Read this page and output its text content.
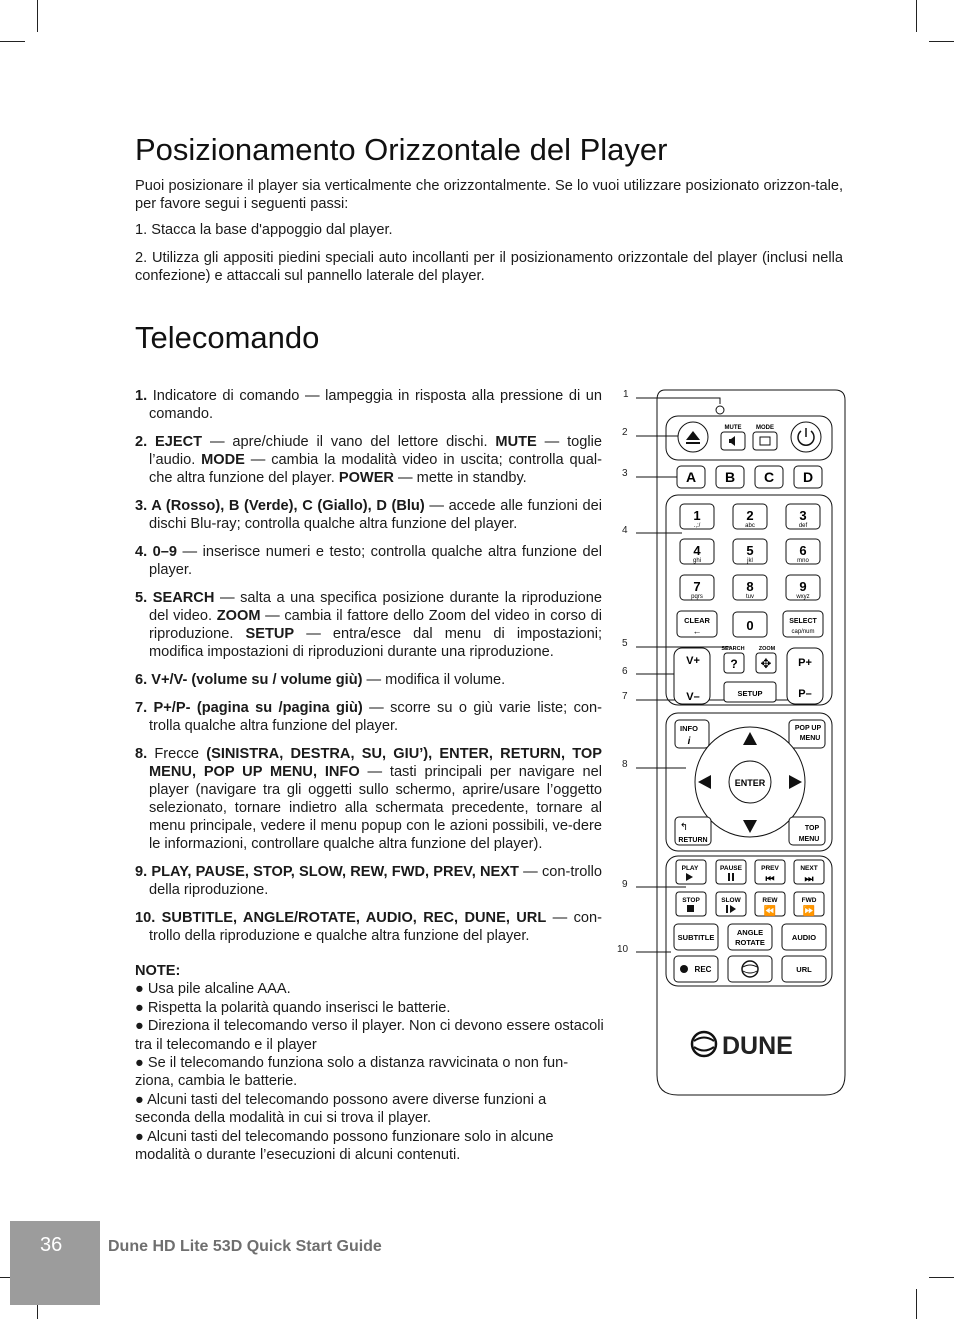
Posizionamento Orizzontale del Player

Puoi posizionare il player sia verticalmente che orizzontalmente. Se lo vuoi utilizzare posizionato orizzon-tale, per favore segui i seguenti passi:

1. Stacca la base d'appoggio dal player.

2. Utilizza gli appositi piedini speciali auto incollanti per il posizionamento orizzontale del player (inclusi nella confezione) e attaccali sul pannello laterale del player.

Telecomando

1. Indicatore di comando — lampeggia in risposta alla pressione di un comando.

2. EJECT — apre/chiude il vano del lettore dischi. MUTE — toglie l’audio. MODE — cambia la modalità video in uscita; controlla qual-che altra funzione del player. POWER — mette in standby.

3. A (Rosso), B (Verde), C (Giallo), D (Blu) — accede alle funzioni dei dischi Blu-ray; controlla qualche altra funzione del player.

4. 0–9 — inserisce numeri e testo; controlla qualche altra funzione del player.

5. SEARCH — salta a una specifica posizione durante la riproduzione del video. ZOOM — cambia il fattore dello Zoom del video in corso di riproduzione. SETUP — entra/esce dal menu di impostazioni; modifica impostazioni di riproduzioni durante una riproduzione.

6. V+/V- (volume su / volume giù) — modifica il volume.

7. P+/P- (pagina su /pagina giù) — scorre su o giù varie liste; con-trolla qualche altra funzione del player.

8. Frecce (SINISTRA, DESTRA, SU, GIU’), ENTER, RETURN, TOP MENU, POP UP MENU, INFO — tasti principali per navigare nel player (navigare tra gli oggetti sullo schermo, aprire/usare l’oggetto selezionato, tornare indietro alla schermata precedente, tornare al menu principale, vedere il menu popup con le azioni possibili, ve-dere le informazioni, controllare qualche altra funzione del player).

9. PLAY, PAUSE, STOP, SLOW, REW, FWD, PREV, NEXT — con-trollo della riproduzione.

10. SUBTITLE, ANGLE/ROTATE, AUDIO, REC, DUNE, URL — con-trollo della riproduzione e qualche altra funzione del player.

NOTE:

● Usa pile alcaline AAA.

● Rispetta la polarità quando inserisci le batterie.

● Direziona il telecomando verso il player. Non ci devono essere ostacoli tra il telecomando e il player

● Se il telecomando funziona solo a distanza ravvicinata o non fun-ziona, cambia le batterie.

● Alcuni tasti del telecomando possono avere diverse funzioni a seconda della modalità in cui si trova il player.

● Alcuni tasti del telecomando possono funzionare solo in alcune modalità o durante l’esecuzioni di alcuni contenuti.

1
2
3
4
5
6
7
8
9
10
MUTE MODE
A B C D
1
.,:/
2
abc
3
def
4
ghi
5
jkl
6
mno
7
pqrs
8
tuv
9
wxyz
CLEAR
←	0	SELECT
cap/num
V+
V–
P+
P–
SEARCH	ZOOM
? ✥
SETUP
INFO
i
POP UP
MENU
ENTER
↰
RETURN
TOP
MENU
PLAY	PAUSE	PREV
⏮
NEXT
⏭
STOP	SLOW	REW
⏪
FWD
⏩
SUBTITLE
ANGLE
ROTATE
AUDIO
REC	URL
DUNE
36	Dune HD Lite 53D Quick Start Guide
